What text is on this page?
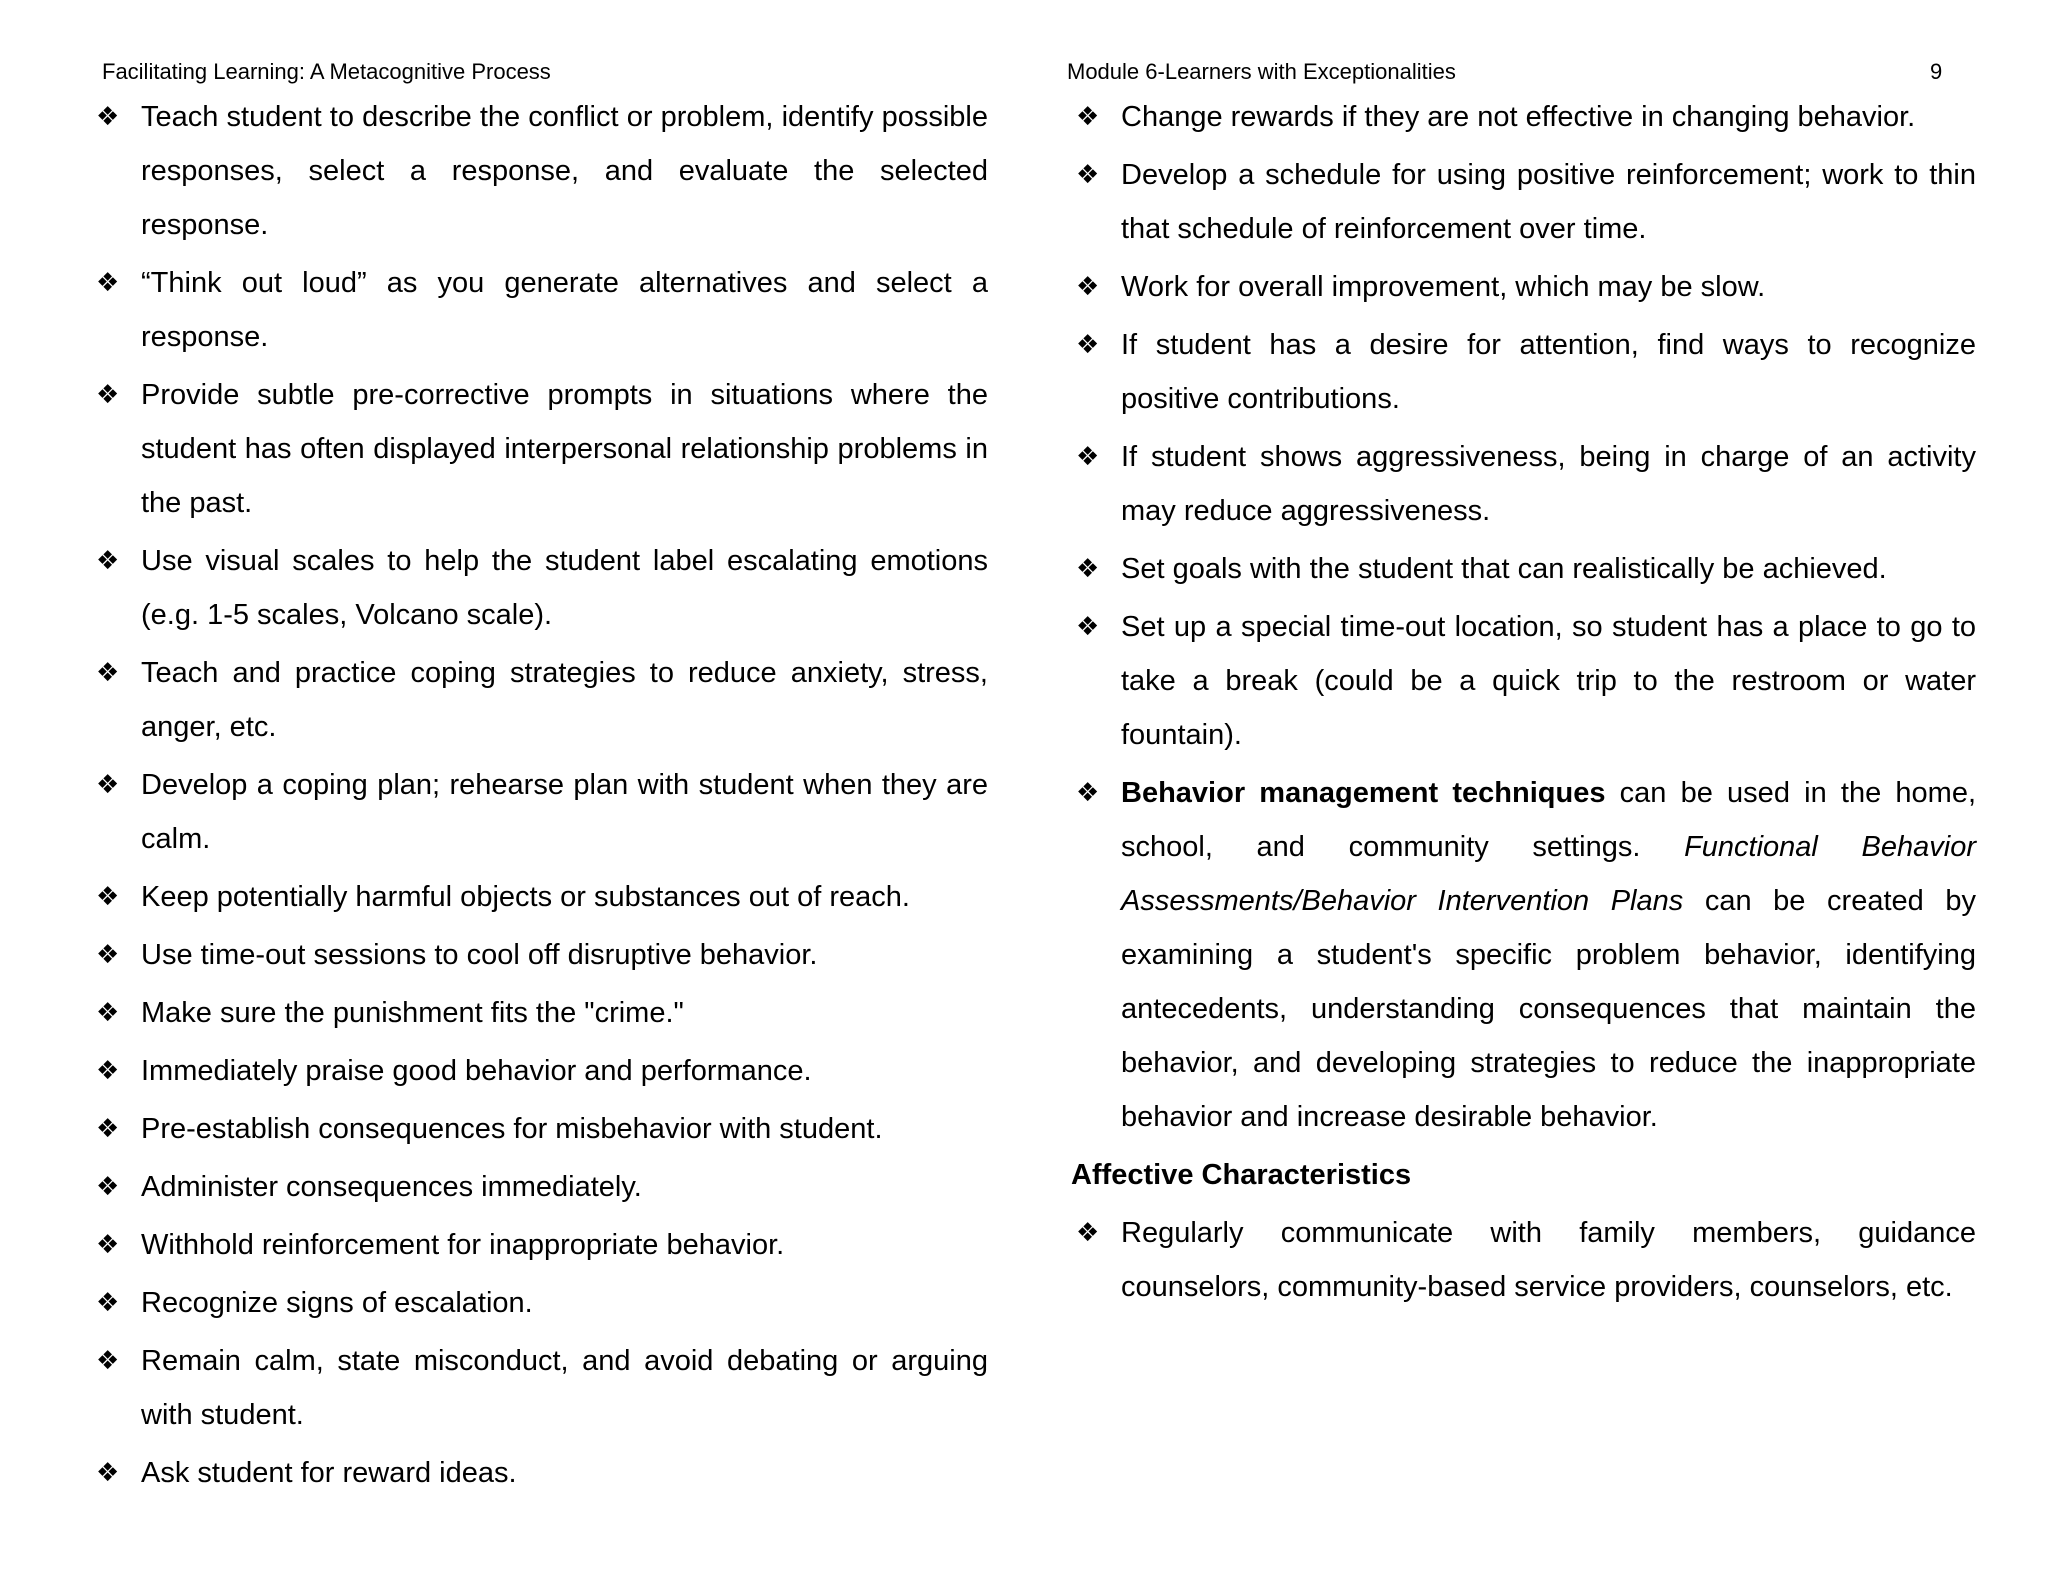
Facilitating Learning: A Metacognitive Process	Module 6-Learners with Exceptionalities	9
❖ Teach student to describe the conflict or problem, identify possible responses, select a response, and evaluate the selected response.
❖ “Think out loud” as you generate alternatives and select a response.
❖ Provide subtle pre-corrective prompts in situations where the student has often displayed interpersonal relationship problems in the past.
❖ Use visual scales to help the student label escalating emotions (e.g. 1-5 scales, Volcano scale).
❖ Teach and practice coping strategies to reduce anxiety, stress, anger, etc.
❖ Develop a coping plan; rehearse plan with student when they are calm.
❖ Keep potentially harmful objects or substances out of reach.
❖ Use time-out sessions to cool off disruptive behavior.
❖ Make sure the punishment fits the "crime."
❖ Immediately praise good behavior and performance.
❖ Pre-establish consequences for misbehavior with student.
❖ Administer consequences immediately.
❖ Withhold reinforcement for inappropriate behavior.
❖ Recognize signs of escalation.
❖ Remain calm, state misconduct, and avoid debating or arguing with student.
❖ Ask student for reward ideas.
❖ Change rewards if they are not effective in changing behavior.
❖ Develop a schedule for using positive reinforcement; work to thin that schedule of reinforcement over time.
❖ Work for overall improvement, which may be slow.
❖ If student has a desire for attention, find ways to recognize positive contributions.
❖ If student shows aggressiveness, being in charge of an activity may reduce aggressiveness.
❖ Set goals with the student that can realistically be achieved.
❖ Set up a special time-out location, so student has a place to go to take a break (could be a quick trip to the restroom or water fountain).
❖ Behavior management techniques can be used in the home, school, and community settings. Functional Behavior Assessments/Behavior Intervention Plans can be created by examining a student's specific problem behavior, identifying antecedents, understanding consequences that maintain the behavior, and developing strategies to reduce the inappropriate behavior and increase desirable behavior.
Affective Characteristics
❖ Regularly communicate with family members, guidance counselors, community-based service providers, counselors, etc.
